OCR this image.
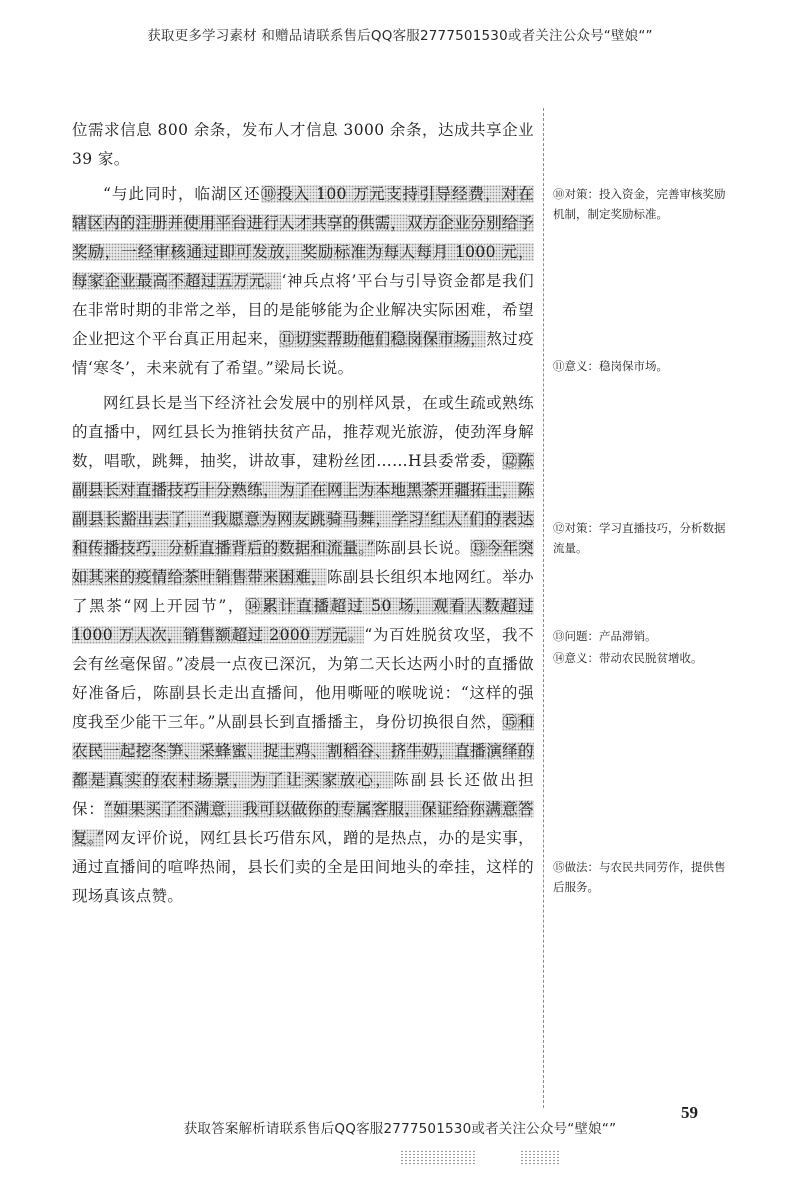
获取更多学习素材 和赠品请联系售后QQ客服2777501530或者关注公众号“壁娘“”

位需求信息 800 余条，发布人才信息 3000 余条，达成共享企业 39 家。

“与此同时，临湖区还⑩投入 100 万元支持引导经费，对在辖区内的注册并使用平台进行人才共享的供需，双方企业分别给予奖励，一经审核通过即可发放，奖励标准为每人每月 1000 元，每家企业最高不超过五万元。‘神兵点将’平台与引导资金都是我们在非常时期的非常之举，目的是能够能为企业解决实际困难，希望企业把这个平台真正用起来，⑪切实帮助他们稳岗保市场，熬过疫情‘寒冬’，未来就有了希望。”梁局长说。

网红县长是当下经济社会发展中的别样风景，在或生疏或熟练的直播中，网红县长为推销扶贫产品，推荐观光旅游，使劲浑身解数，唱歌，跳舞，抽奖，讲故事，建粉丝团……H县委常委，⑫陈副县长对直播技巧十分熟练，为了在网上为本地黑茶开疆拓土，陈副县长豁出去了，“我愿意为网友跳骑马舞，学习‘红人’们的表达和传播技巧，分析直播背后的数据和流量。”陈副县长说。⑬今年突如其来的疫情给茶叶销售带来困难，陈副县长组织本地网红。举办了黑茶“网上开园节”，⑭累计直播超过 50 场，观看人数超过 1000 万人次，销售额超过 2000 万元。“为百姓脱贫攻坚，我不会有丝毫保留。”凌晨一点夜已深沉，为第二天长达两小时的直播做好准备后，陈副县长走出直播间，他用嘶哑的喉咙说：“这样的强度我至少能干三年。”从副县长到直播播主，身份切换很自然，⑮和农民一起挖冬笋、采蜂蜜、捉土鸡、割稻谷、挤牛奶，直播演绎的都是真实的农村场景，为了让买家放心，陈副县长还做出担保：“如果买了不满意，我可以做你的专属客服，保证给你满意答复。”网友评价说，网红县长巧借东风，蹭的是热点，办的是实事，通过直播间的喧哗热闹，县长们卖的全是田间地头的牵挂，这样的现场真该点赞。

⑩对策：投入资金，完善审核奖励机制，制定奖励标准。
⑪意义：稳岗保市场。
⑫对策：学习直播技巧，分析数据流量。
⑬问题：产品滞销。
⑭意义：带动农民脱贫增收。
⑮做法：与农民共同劳作，提供售后服务。
59
获取答案解析请联系售后QQ客服2777501530或者关注公众号“壁娘“”
